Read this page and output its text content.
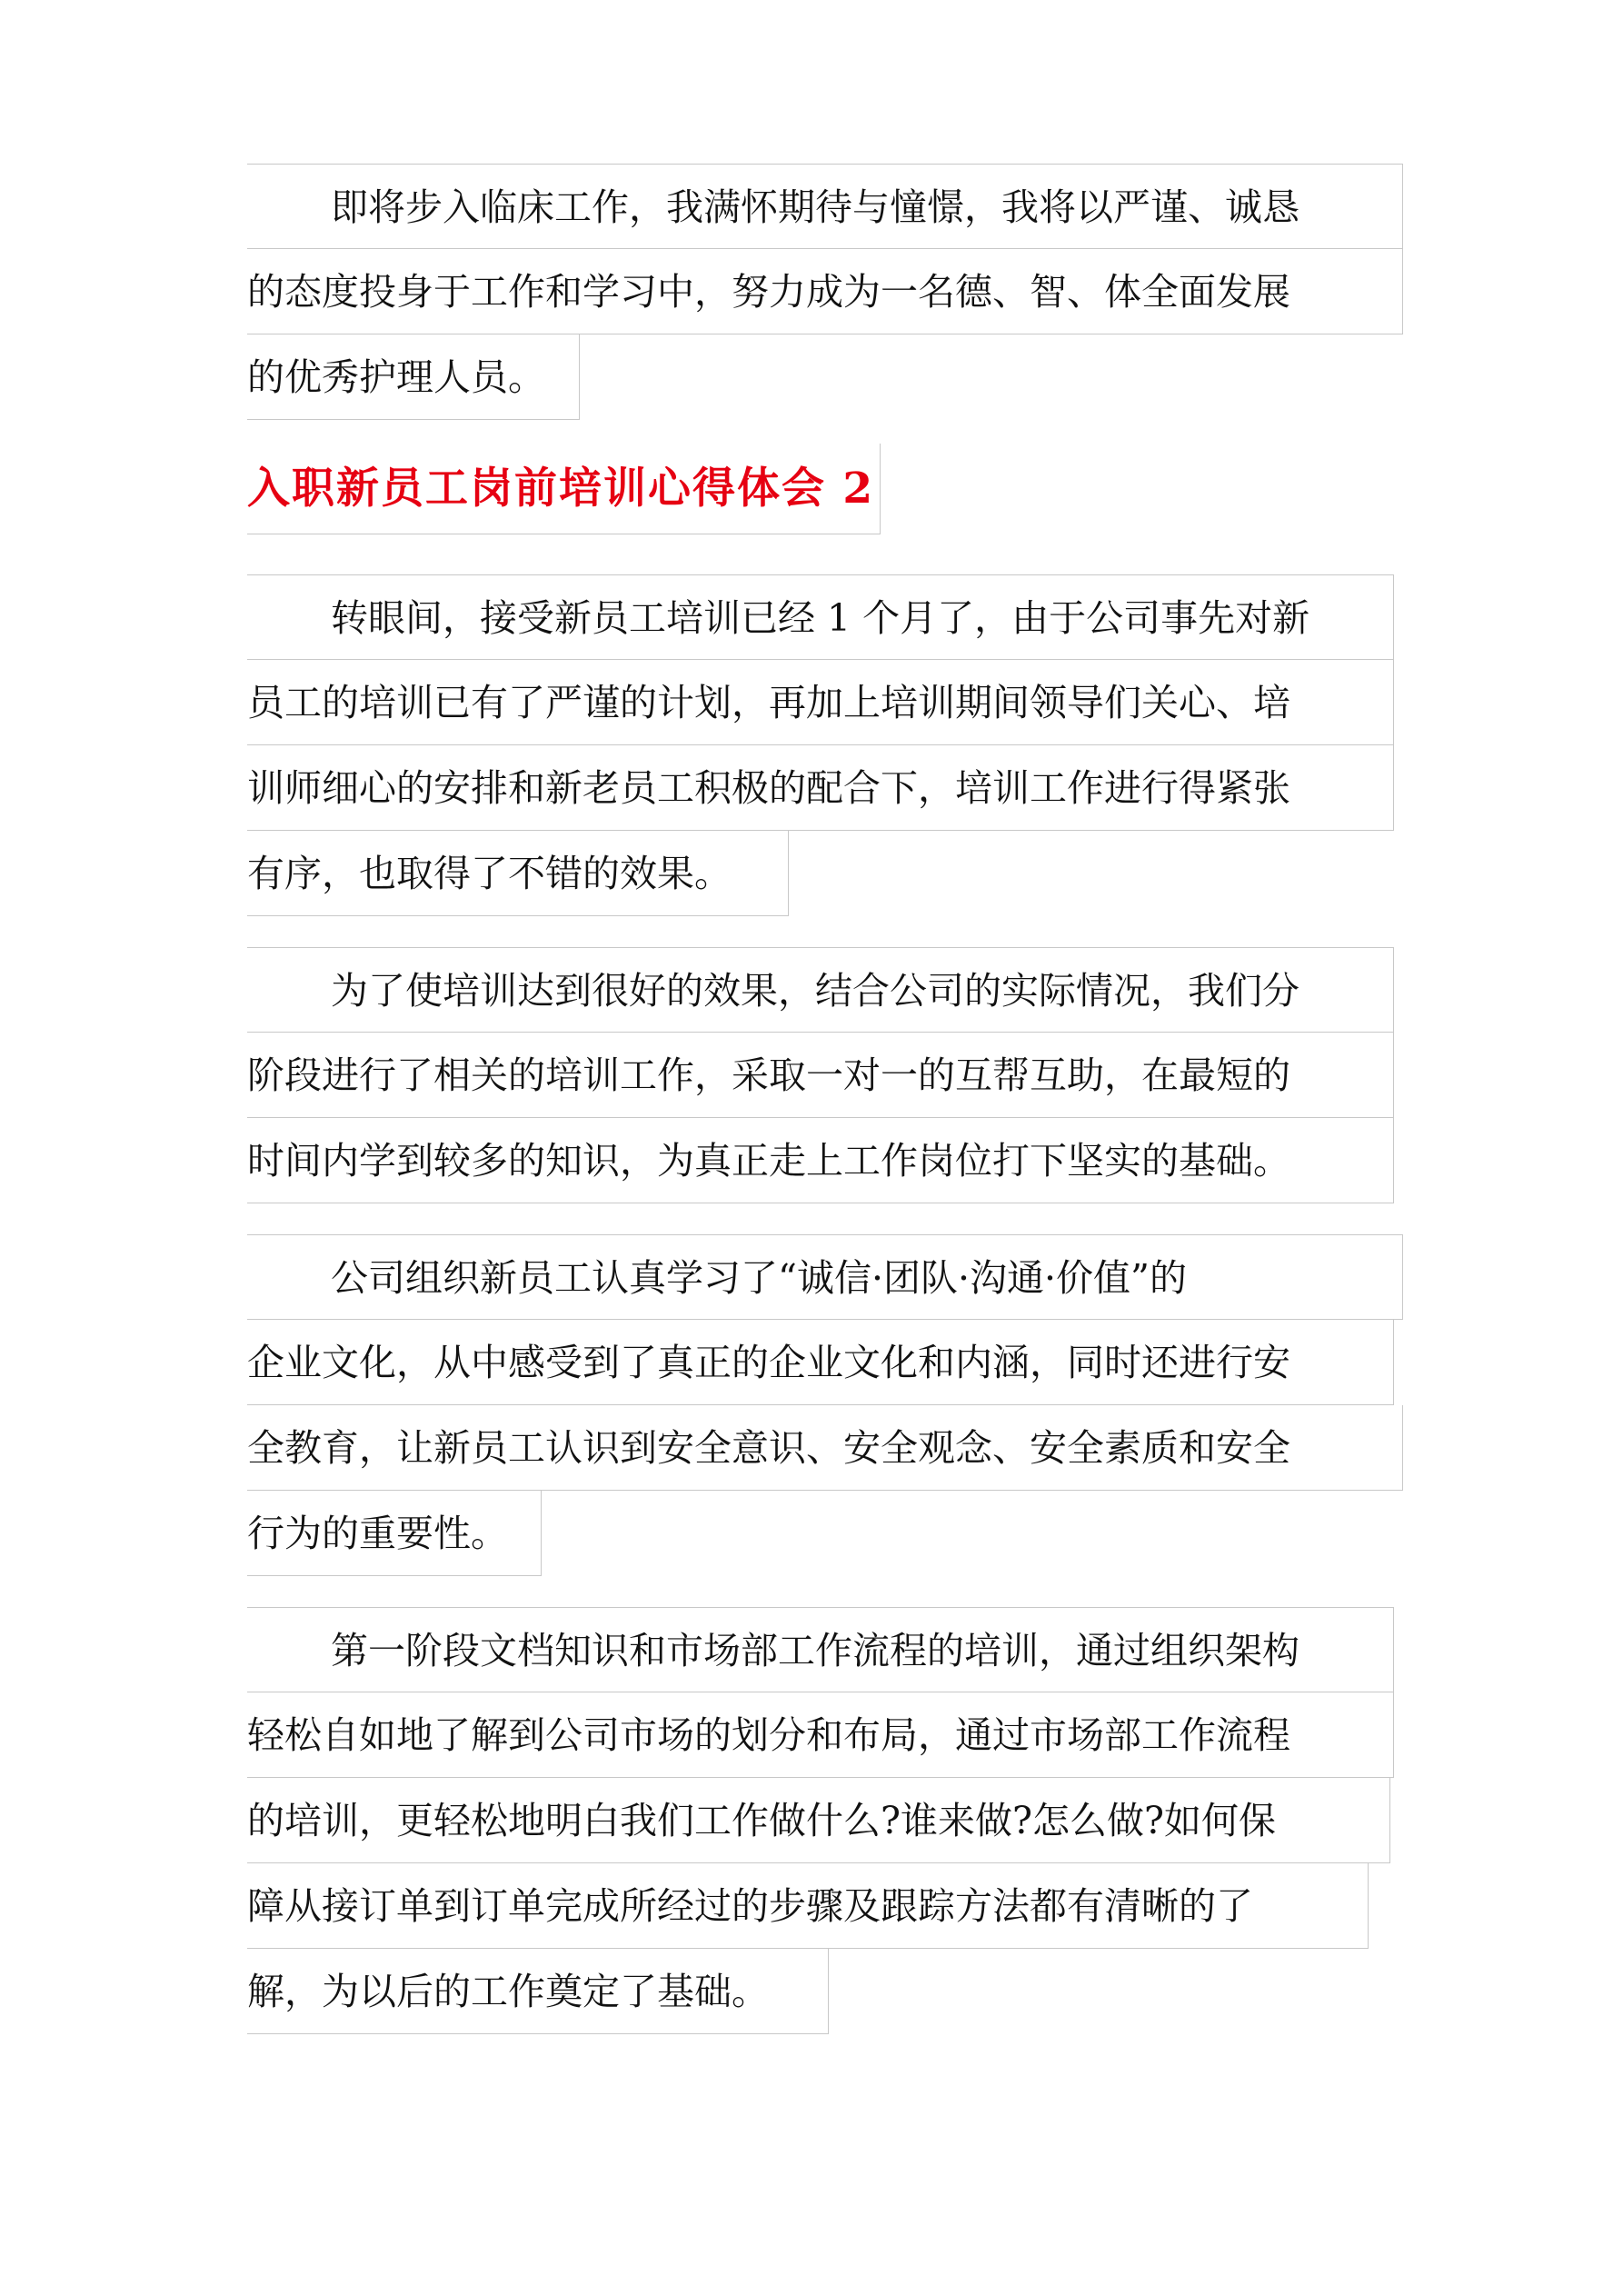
即将步入临床工作，我满怀期待与憧憬，我将以严谨、诚恳
的态度投身于工作和学习中，努力成为一名德、智、体全面发展
的优秀护理人员。
入职新员工岗前培训心得体会 2
转眼间，接受新员工培训已经 1 个月了，由于公司事先对新
员工的培训已有了严谨的计划，再加上培训期间领导们关心、培
训师细心的安排和新老员工积极的配合下，培训工作进行得紧张
有序，也取得了不错的效果。
为了使培训达到很好的效果，结合公司的实际情况，我们分
阶段进行了相关的培训工作，采取一对一的互帮互助，在最短的
时间内学到较多的知识，为真正走上工作岗位打下坚实的基础。
公司组织新员工认真学习了“诚信·团队·沟通·价值”的
企业文化，从中感受到了真正的企业文化和内涵，同时还进行安
全教育，让新员工认识到安全意识、安全观念、安全素质和安全
行为的重要性。
第一阶段文档知识和市场部工作流程的培训，通过组织架构
轻松自如地了解到公司市场的划分和布局，通过市场部工作流程
的培训，更轻松地明白我们工作做什么?谁来做?怎么做?如何保
障从接订单到订单完成所经过的步骤及跟踪方法都有清晰的了
解，为以后的工作奠定了基础。
